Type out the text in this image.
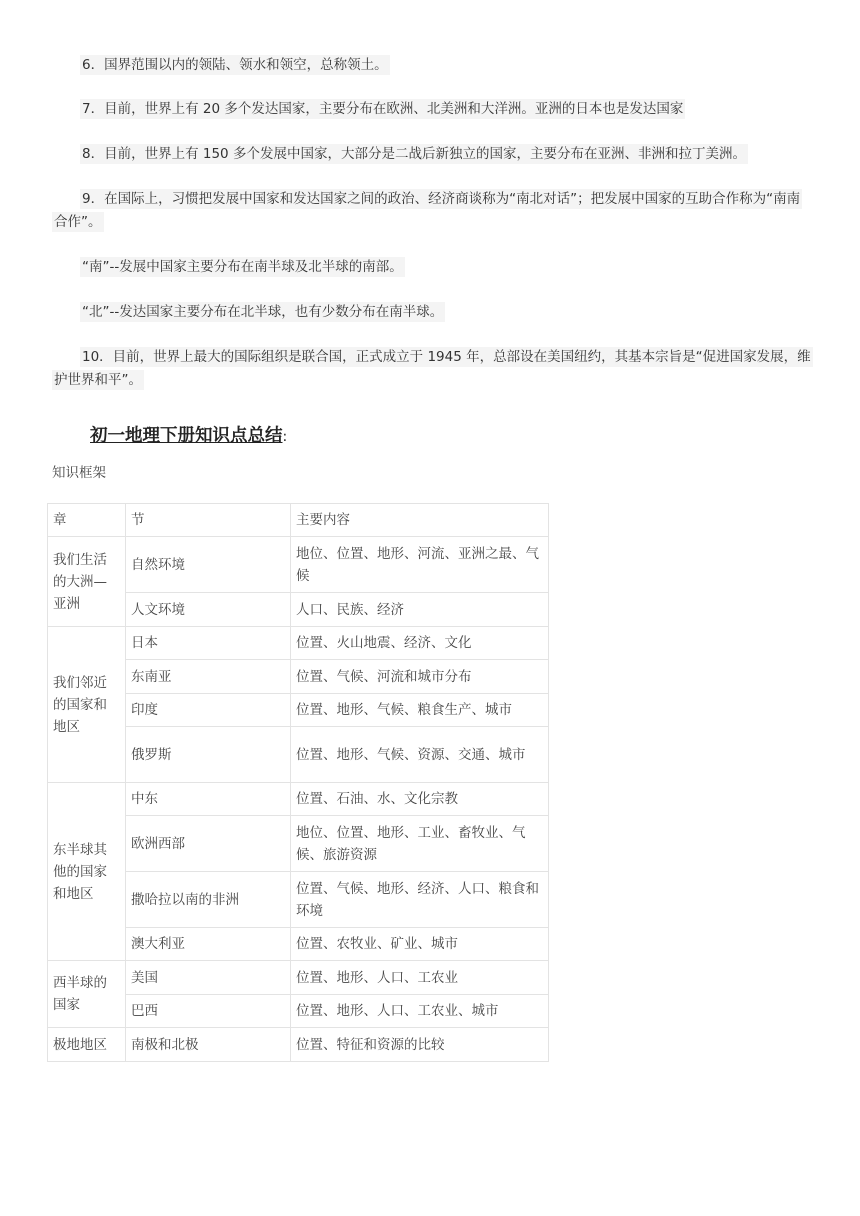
6．国界范围以内的领陆、领水和领空，总称领土。

7．目前，世界上有 20 多个发达国家，主要分布在欧洲、北美洲和大洋洲。亚洲的日本也是发达国家

8．目前，世界上有 150 多个发展中国家，大部分是二战后新独立的国家，主要分布在亚洲、非洲和拉丁美洲。

9．在国际上，习惯把发展中国家和发达国家之间的政治、经济商谈称为“南北对话”；把发展中国家的互助合作称为“南南合作”。

“南”--发展中国家主要分布在南半球及北半球的南部。

“北”--发达国家主要分布在北半球，也有少数分布在南半球。

10．目前，世界上最大的国际组织是联合国，正式成立于 1945 年，总部设在美国纽约，其基本宗旨是“促进国家发展，维护世界和平”。

初一地理下册知识点总结:

知识框架

章	节	主要内容
我们生活的大洲—亚洲	自然环境	地位、位置、地形、河流、亚洲之最、气候
	人文环境	人口、民族、经济
我们邻近的国家和地区	日本	位置、火山地震、经济、文化
	东南亚	位置、气候、河流和城市分布
	印度	位置、地形、气候、粮食生产、城市
	俄罗斯	位置、地形、气候、资源、交通、城市
东半球其他的国家和地区	中东	位置、石油、水、文化宗教
	欧洲西部	地位、位置、地形、工业、畜牧业、气候、旅游资源
	撒哈拉以南的非洲	位置、气候、地形、经济、人口、粮食和环境
	澳大利亚	位置、农牧业、矿业、城市
西半球的国家	美国	位置、地形、人口、工农业
	巴西	位置、地形、人口、工农业、城市
极地地区	南极和北极	位置、特征和资源的比较
